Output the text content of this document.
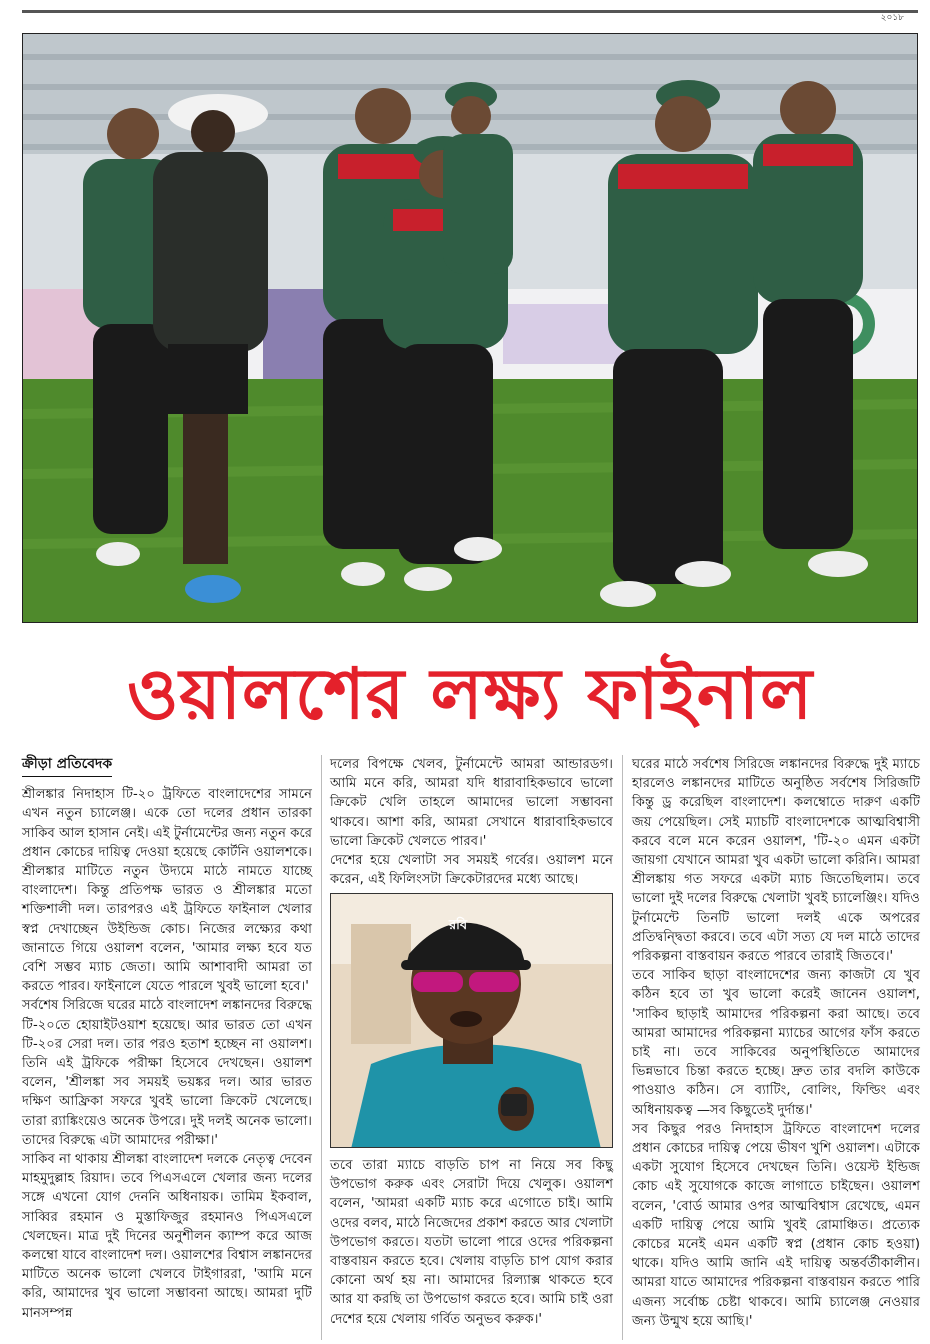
২০১৮
ওয়ালশের লক্ষ্য ফাইনাল

ক্রীড়া প্রতিবেদক

শ্রীলঙ্কার নিদাহাস টি-২০ ট্রফিতে বাংলাদেশের সামনে এখন নতুন চ্যালেঞ্জ। একে তো দলের প্রধান তারকা সাকিব আল হাসান নেই। এই টুর্নামেন্টের জন্য নতুন করে প্রধান কোচের দায়িত্ব দেওয়া হয়েছে কোর্টনি ওয়ালশকে। শ্রীলঙ্কার মাটিতে নতুন উদ্যমে মাঠে নামতে যাচ্ছে বাংলাদেশ। কিন্তু প্রতিপক্ষ ভারত ও শ্রীলঙ্কার মতো শক্তিশালী দল। তারপরও এই ট্রফিতে ফাইনাল খেলার স্বপ্ন দেখাচ্ছেন উইন্ডিজ কোচ। নিজের লক্ষ্যের কথা জানাতে গিয়ে ওয়ালশ বলেন, 'আমার লক্ষ্য হবে যত বেশি সম্ভব ম্যাচ জেতা। আমি আশাবাদী আমরা তা করতে পারব। ফাইনালে যেতে পারলে খুবই ভালো হবে।'

সর্বশেষ সিরিজে ঘরের মাঠে বাংলাদেশ লঙ্কানদের বিরুদ্ধে টি-২০তে হোয়াইটওয়াশ হয়েছে। আর ভারত তো এখন টি-২০র সেরা দল। তার পরও হতাশ হচ্ছেন না ওয়ালশ। তিনি এই ট্রফিকে পরীক্ষা হিসেবে দেখছেন। ওয়ালশ বলেন, 'শ্রীলঙ্কা সব সময়ই ভয়ঙ্কর দল। আর ভারত দক্ষিণ আফ্রিকা সফরে খুবই ভালো ক্রিকেট খেলেছে। তারা র‌্যাঙ্কিংয়েও অনেক উপরে। দুই দলই অনেক ভালো। তাদের বিরুদ্ধে এটা আমাদের পরীক্ষা।'

সাকিব না থাকায় শ্রীলঙ্কা বাংলাদেশ দলকে নেতৃত্ব দেবেন মাহমুদুল্লাহ রিয়াদ। তবে পিএসএলে খেলার জন্য দলের সঙ্গে এখনো যোগ দেননি অধিনায়ক। তামিম ইকবাল, সাব্বির রহমান ও মুস্তাফিজুর রহমানও পিএসএলে খেলছেন। মাত্র দুই দিনের অনুশীলন ক্যাম্প করে আজ কলম্বো যাবে বাংলাদেশ দল। ওয়ালশের বিশ্বাস লঙ্কানদের মাটিতে অনেক ভালো খেলবে টাইগাররা, 'আমি মনে করি, আমাদের খুব ভালো সম্ভাবনা আছে। আমরা দুটি মানসম্পন্ন

দলের বিপক্ষে খেলব, টুর্নামেন্টে আমরা আন্ডারডগ। আমি মনে করি, আমরা যদি ধারাবাহিকভাবে ভালো ক্রিকেট খেলি তাহলে আমাদের ভালো সম্ভাবনা থাকবে। আশা করি, আমরা সেখানে ধারাবাহিকভাবে ভালো ক্রিকেট খেলতে পারব।'

দেশের হয়ে খেলাটা সব সময়ই গর্বের। ওয়ালশ মনে করেন, এই ফিলিংসটা ক্রিকেটারদের মধ্যে আছে।

রবি

তবে তারা ম্যাচে বাড়তি চাপ না নিয়ে সব কিছু উপভোগ করুক এবং সেরাটা দিয়ে খেলুক। ওয়ালশ বলেন, 'আমরা একটি ম্যাচ করে এগোতে চাই। আমি ওদের বলব, মাঠে নিজেদের প্রকাশ করতে আর খেলাটা উপভোগ করতে। যতটা ভালো পারে ওদের পরিকল্পনা বাস্তবায়ন করতে হবে। খেলায় বাড়তি চাপ যোগ করার কোনো অর্থ হয় না। আমাদের রিল্যাক্স থাকতে হবে আর যা করছি তা উপভোগ করতে হবে। আমি চাই ওরা দেশের হয়ে খেলায় গর্বিত অনুভব করুক।'

ঘরের মাঠে সর্বশেষ সিরিজে লঙ্কানদের বিরুদ্ধে দুই ম্যাচে হারলেও লঙ্কানদের মাটিতে অনুষ্ঠিত সর্বশেষ সিরিজটি কিন্তু ড্র করেছিল বাংলাদেশ। কলম্বোতে দারুণ একটি জয় পেয়েছিল। সেই ম্যাচটি বাংলাদেশকে আত্মবিশ্বাসী করবে বলে মনে করেন ওয়ালশ, 'টি-২০ এমন একটা জায়গা যেখানে আমরা খুব একটা ভালো করিনি। আমরা শ্রীলঙ্কায় গত সফরে একটা ম্যাচ জিতেছিলাম। তবে ভালো দুই দলের বিরুদ্ধে খেলাটা খুবই চ্যালেঞ্জিং। যদিও টুর্নামেন্টে তিনটি ভালো দলই একে অপরের প্রতিদ্বন্দ্বিতা করবে। তবে এটা সত্য যে দল মাঠে তাদের পরিকল্পনা বাস্তবায়ন করতে পারবে তারাই জিতবে।'

তবে সাকিব ছাড়া বাংলাদেশের জন্য কাজটা যে খুব কঠিন হবে তা খুব ভালো করেই জানেন ওয়ালশ, 'সাকিব ছাড়াই আমাদের পরিকল্পনা করা আছে। তবে আমরা আমাদের পরিকল্পনা ম্যাচের আগের ফাঁস করতে চাই না। তবে সাকিবের অনুপস্থিতিতে আমাদের ভিন্নভাবে চিন্তা করতে হচ্ছে। দ্রুত তার বদলি কাউকে পাওয়াও কঠিন। সে ব্যাটিং, বোলিং, ফিল্ডিং এবং অধিনায়কত্ব —সব কিছুতেই দুর্দান্ত।'

সব কিছুর পরও নিদাহাস ট্রফিতে বাংলাদেশ দলের প্রধান কোচের দায়িত্ব পেয়ে ভীষণ খুশি ওয়ালশ। এটাকে একটা সুযোগ হিসেবে দেখছেন তিনি। ওয়েস্ট ইন্ডিজ কোচ এই সুযোগকে কাজে লাগাতে চাইছেন। ওয়ালশ বলেন, 'বোর্ড আমার ওপর আত্মবিশ্বাস রেখেছে, এমন একটি দায়িত্ব পেয়ে আমি খুবই রোমাঞ্চিত। প্রত্যেক কোচের মনেই এমন একটি স্বপ্ন (প্রধান কোচ হওয়া) থাকে। যদিও আমি জানি এই দায়িত্ব অন্তর্বর্তীকালীন। আমরা যাতে আমাদের পরিকল্পনা বাস্তবায়ন করতে পারি এজন্য সর্বোচ্চ চেষ্টা থাকবে। আমি চ্যালেঞ্জ নেওয়ার জন্য উন্মুখ হয়ে আছি।'
